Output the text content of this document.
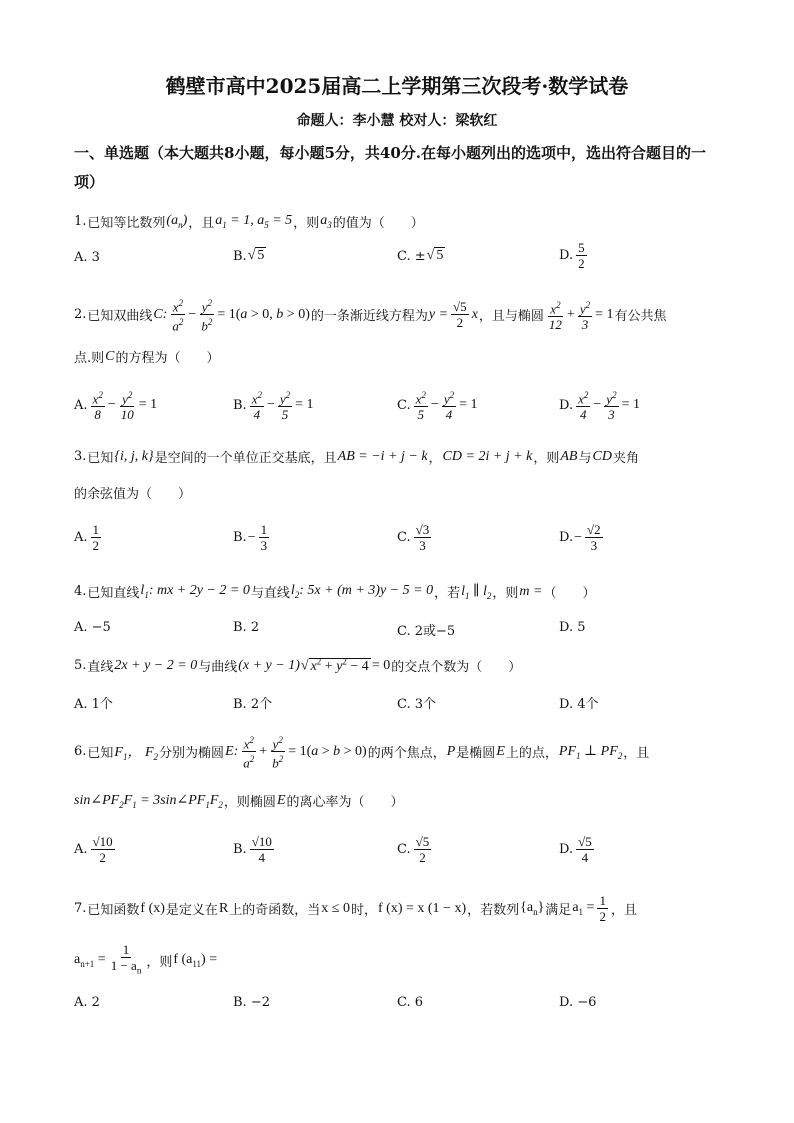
鹤壁市高中2025届高二上学期第三次段考·数学试卷
命题人：李小慧 校对人：梁软红
一、单选题（本大题共8小题，每小题5分，共40分.在每小题列出的选项中，选出符合题目的一项）
1. 已知等比数列 $(a_n)$ ，且 $a_1 = 1$, $a_5 = 5$ ，则 $a_3$ 的值为（　　）
A. 3	B. √ 5	C. ± √ 5	D. $\frac{5}{2}$
2. 已知双曲线 C: $\frac{x^2}{a^2} - \frac{y^2}{b^2} = 1(a > 0$, b > 0) 的一条渐近线方程为 $y = \frac{√5}{2}$ x ，且与椭圆 $\frac{x^2}{12} + \frac{y^2}{3} = 1$ 有公共焦
点.则 C 的方程为（　　）
A. $\frac{x^2}{8} - \frac{y^2}{10} = 1$	B. $\frac{x^2}{4} - \frac{y^2}{5} = 1$	C. $\frac{x^2}{5} - \frac{y^2}{4} = 1$	D. $\frac{x^2}{4} - \frac{y^2}{3} = 1$
3. 已知 {i, j, k} 是空间的一个单位正交基底，且 AB = −i + j − k ， CD = 2i + j + k ，则 AB 与 CD 夹角
的余弦值为（　　）
A. $\frac{1}{2}$	B. − $\frac{1}{3}$	C. $\frac{√3}{3}$	D. − $\frac{√2}{3}$
4. 已知直线 $l_1$: mx + 2y − 2 = 0 与直线 $l_2$: 5x + (m + 3)y − 5 = 0 ，若 $l_1$ ∥ $l_2$ ，则 m = （　　）
A. −5	B. 2	C. 2或−5	D. 5
5. 直线 2x + y − 2 = 0 与曲线 (x + y − 1) √ $x^2 + y^2 - 4 = 0$ 的交点个数为（　　）
A. 1个	B. 2个	C. 3个	D. 4个
6. 已知 $F_1$， $F_2$ 分别为椭圆 E: $\frac{x^2}{a^2} + \frac{y^2}{b^2} = 1(a > b > 0)$ 的两个焦点， P 是椭圆 E 上的点， $PF_1$ ⊥ $PF_2$ ，且
$\sin\angle PF_2F_1$ = $3\sin\angle PF_1F_2$ ，则椭圆 E 的离心率为（　　）
A. $\frac{√10}{2}$	B. $\frac{√10}{4}$	C. $\frac{√5}{2}$	D. $\frac{√5}{4}$
7. 已知函数 f (x) 是定义在 R 上的奇函数，当 x ≤ 0 时， f (x) = x (1 − x) ，若数列 $\{a_n\}$ 满足 $a_1 = \frac{1}{2}$ ，且
$a_{n+1} = \frac{1}{1 - a_n}$ ，则 f $(a_{11})$ =
A. 2	B. −2	C. 6	D. −6
